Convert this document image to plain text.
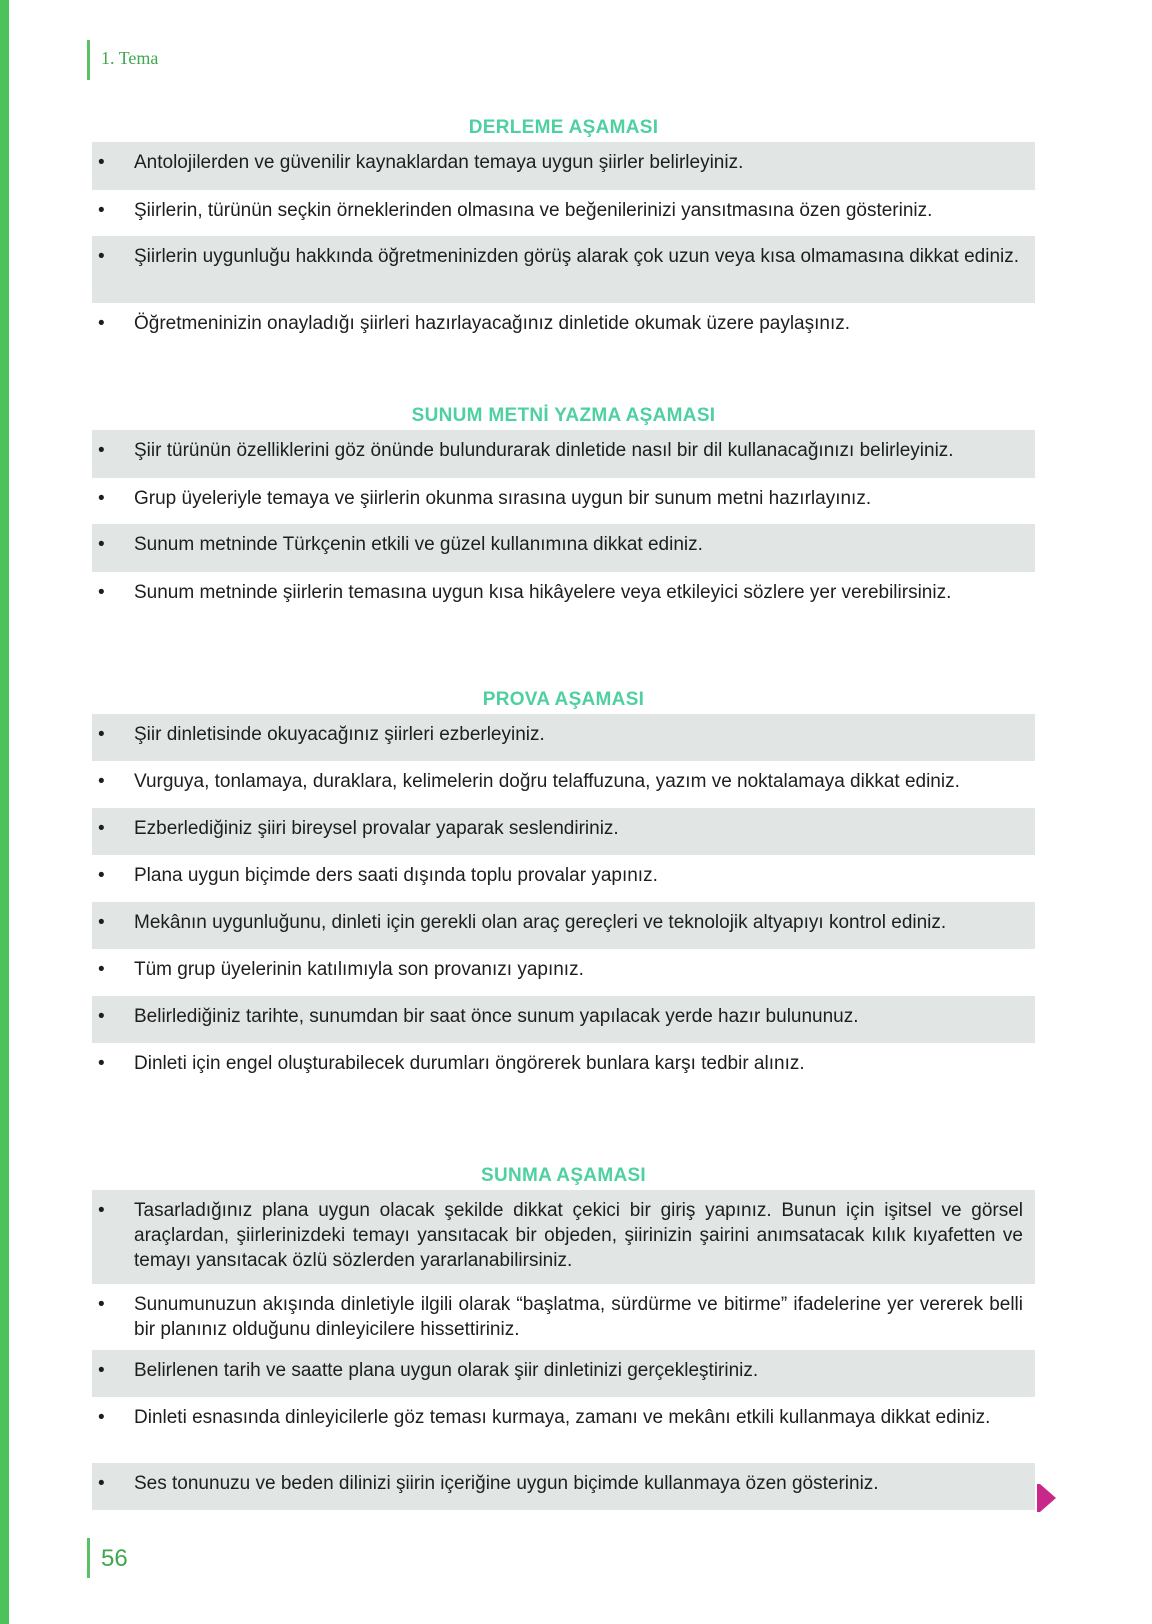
1. Tema
DERLEME AŞAMASI
• Antolojilerden ve güvenilir kaynaklardan temaya uygun şiirler belirleyiniz.
• Şiirlerin, türünün seçkin örneklerinden olmasına ve beğenilerinizi yansıtmasına özen gösteriniz.
• Şiirlerin uygunluğu hakkında öğretmeninizden görüş alarak çok uzun veya kısa olmamasına dikkat ediniz.
• Öğretmeninizin onayladığı şiirleri hazırlayacağınız dinletide okumak üzere paylaşınız.
SUNUM METNİ YAZMA AŞAMASI
• Şiir türünün özelliklerini göz önünde bulundurarak dinletide nasıl bir dil kullanacağınızı belirleyiniz.
• Grup üyeleriyle temaya ve şiirlerin okunma sırasına uygun bir sunum metni hazırlayınız.
• Sunum metninde Türkçenin etkili ve güzel kullanımına dikkat ediniz.
• Sunum metninde şiirlerin temasına uygun kısa hikâyelere veya etkileyici sözlere yer verebilirsiniz.
PROVA AŞAMASI
• Şiir dinletisinde okuyacağınız şiirleri ezberleyiniz.
• Vurguya, tonlamaya, duraklara, kelimelerin doğru telaffuzuna, yazım ve noktalamaya dikkat ediniz.
• Ezberlediğiniz şiiri bireysel provalar yaparak seslendiriniz.
• Plana uygun biçimde ders saati dışında toplu provalar yapınız.
• Mekânın uygunluğunu, dinleti için gerekli olan araç gereçleri ve teknolojik altyapıyı kontrol ediniz.
• Tüm grup üyelerinin katılımıyla son provanızı yapınız.
• Belirlediğiniz tarihte, sunumdan bir saat önce sunum yapılacak yerde hazır bulununuz.
• Dinleti için engel oluşturabilecek durumları öngörerek bunlara karşı tedbir alınız.
SUNMA AŞAMASI
• Tasarladığınız plana uygun olacak şekilde dikkat çekici bir giriş yapınız. Bunun için işitsel ve görsel araçlardan, şiirlerinizdeki temayı yansıtacak bir objeden, şiirinizin şairini anımsatacak kılık kıyafetten ve temayı yansıtacak özlü sözlerden yararlanabilirsiniz.
• Sunumunuzun akışında dinletiyle ilgili olarak “başlatma, sürdürme ve bitirme” ifadelerine yer vererek belli bir planınız olduğunu dinleyicilere hissettiriniz.
• Belirlenen tarih ve saatte plana uygun olarak şiir dinletinizi gerçekleştiriniz.
• Dinleti esnasında dinleyicilerle göz teması kurmaya, zamanı ve mekânı etkili kullanmaya dikkat ediniz.
• Ses tonunuzu ve beden dilinizi şiirin içeriğine uygun biçimde kullanmaya özen gösteriniz.
56
